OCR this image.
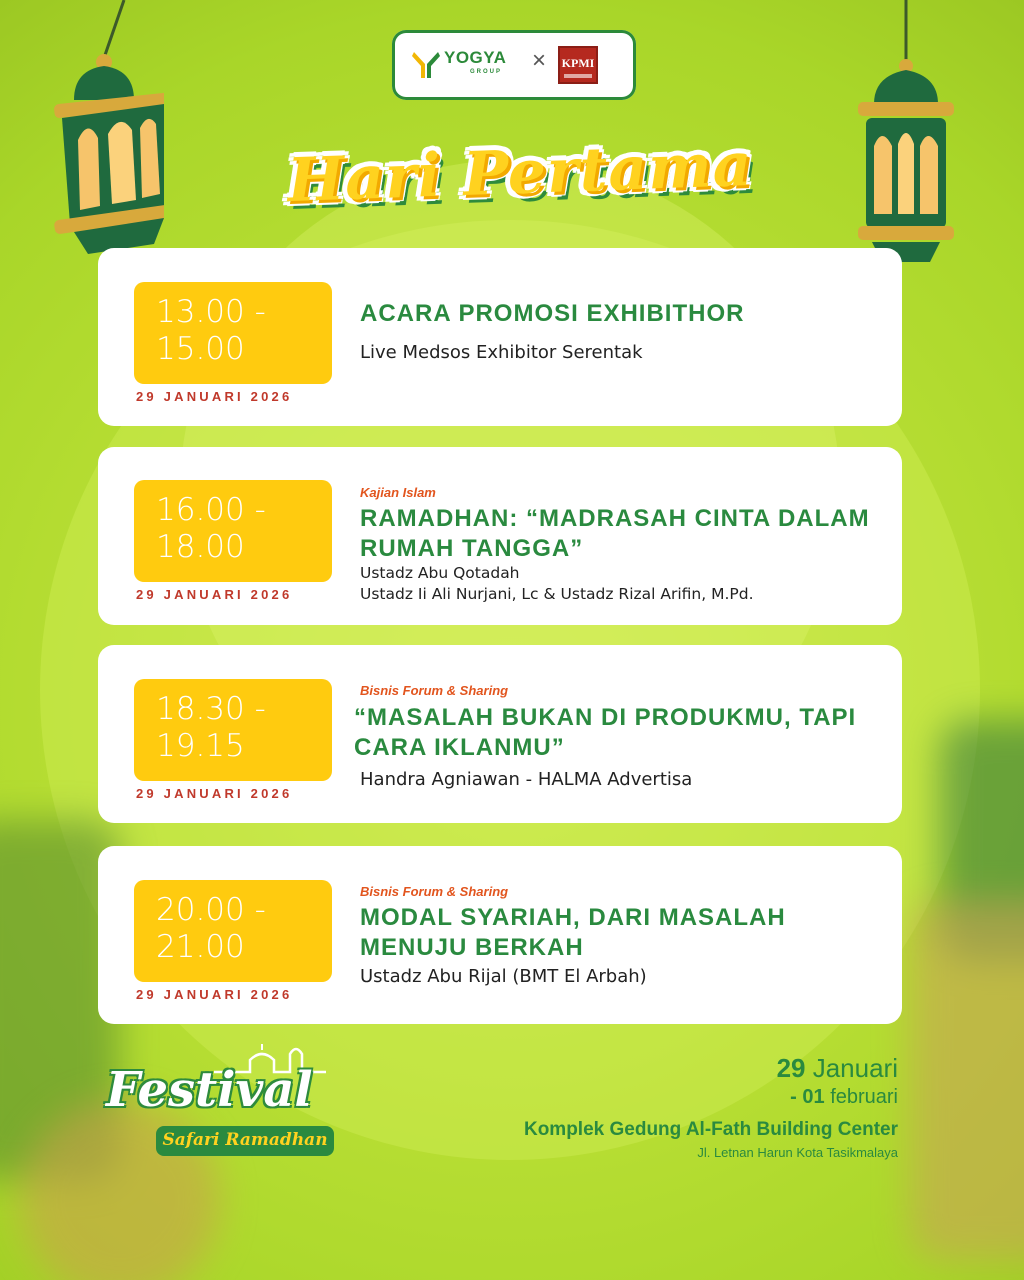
YOGYA
GROUP ×	KPMI
Hari Pertama
13.00 -
15.00
29 JANUARI 2026
ACARA PROMOSI EXHIBITHOR
Live Medsos Exhibitor Serentak
16.00 -
18.00
29 JANUARI 2026
Kajian Islam
RAMADHAN: “MADRASAH CINTA DALAM RUMAH TANGGA”
Ustadz Abu Qotadah
Ustadz Ii Ali Nurjani, Lc & Ustadz Rizal Arifin, M.Pd.
18.30 -
19.15
29 JANUARI 2026
Bisnis Forum & Sharing
“MASALAH BUKAN DI PRODUKMU, TAPI CARA IKLANMU”
Handra Agniawan - HALMA Advertisa
20.00 -
21.00
29 JANUARI 2026
Bisnis Forum & Sharing
MODAL SYARIAH, DARI MASALAH MENUJU BERKAH
Ustadz Abu Rijal (BMT El Arbah)
Festival
Safari Ramadhan
29 Januari
- 01 februari
Komplek Gedung Al-Fath Building Center
Jl. Letnan Harun Kota Tasikmalaya
